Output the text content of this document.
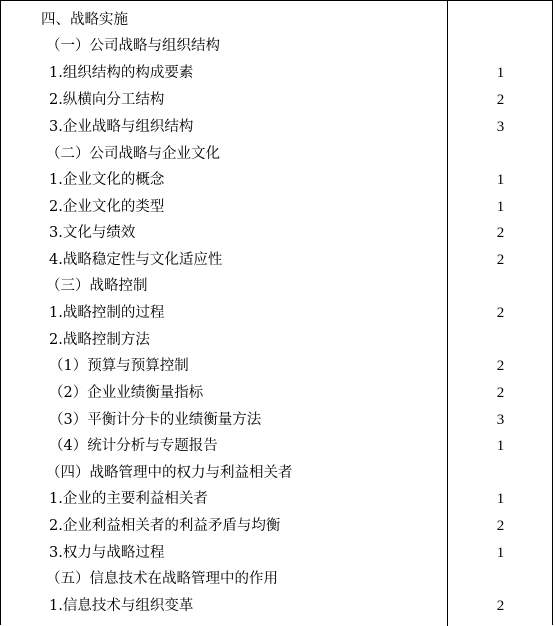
四、战略实施
（一）公司战略与组织结构
1.组织结构的构成要素	1
2.纵横向分工结构	2
3.企业战略与组织结构	3
（二）公司战略与企业文化
1.企业文化的概念	1
2.企业文化的类型	1
3.文化与绩效	2
4.战略稳定性与文化适应性	2
（三）战略控制
1.战略控制的过程	2
2.战略控制方法
（1）预算与预算控制	2
（2）企业业绩衡量指标	2
（3）平衡计分卡的业绩衡量方法	3
（4）统计分析与专题报告	1
（四）战略管理中的权力与利益相关者
1.企业的主要利益相关者	1
2.企业利益相关者的利益矛盾与均衡	2
3.权力与战略过程	1
（五）信息技术在战略管理中的作用
1.信息技术与组织变革	2
